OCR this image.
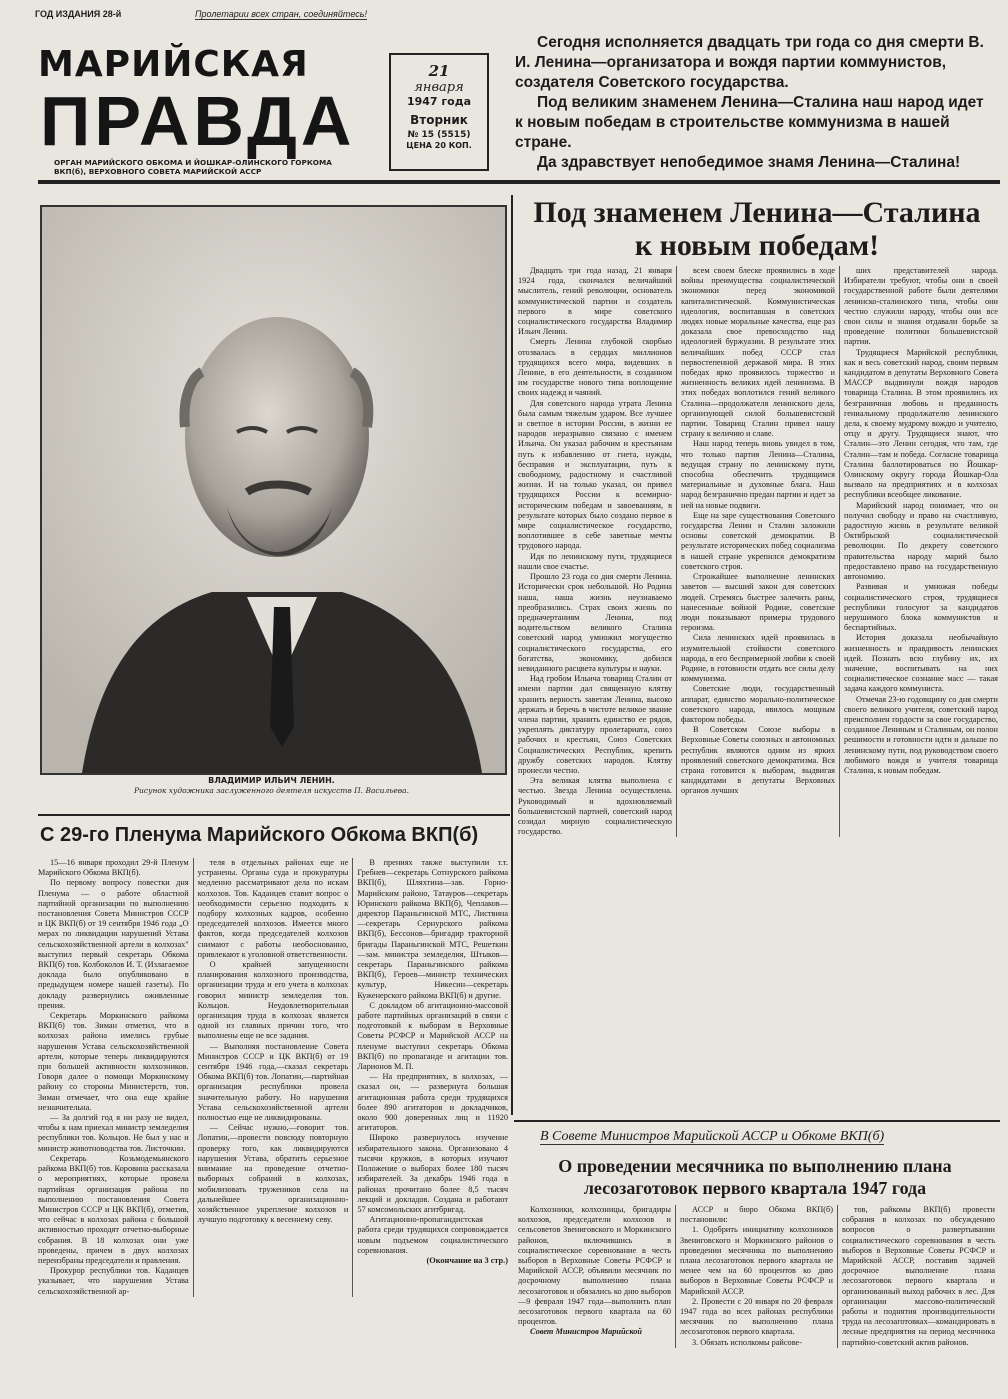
ГОД ИЗДАНИЯ 28-й	Пролетарии всех стран, соединяйтесь!
МАРИЙСКАЯ
ПРАВДА
ОРГАН МАРИЙСКОГО ОБКОМА И ЙОШКАР-ОЛИНСКОГО ГОРКОМА ВКП(б), ВЕРХОВНОГО СОВЕТА МАРИЙСКОЙ АССР
21
января
1947 года
Вторник
№ 15 (5515)
ЦЕНА 20 КОП.

Сегодня исполняется двадцать три года со дня смерти В. И. Ленина—организатора и вождя партии коммунистов, создателя Советского государства.

Под великим знаменем Ленина—Сталина наш народ идет к новым победам в строительстве коммунизма в нашей стране.

Да здравствует непобедимое знамя Ленина—Сталина!

ВЛАДИМИР ИЛЬИЧ ЛЕНИН.
Рисунок художника заслуженного деятеля искусств П. Васильева.
Под знаменем Ленина—Сталина
к новым победам!

Двадцать три года назад, 21 января 1924 года, скончался величайший мыслитель, гений революции, основатель коммунистической партии и создатель первого в мире советского социалистического государства Владимир Ильич Ленин.

Смерть Ленина глубокой скорбью отозвалась в сердцах миллионов трудящихся всего мира, видевших в Ленине, в его деятельности, в созданном им государстве нового типа воплощение своих надежд и чаяний.

Для советского народа утрата Ленина была самым тяжелым ударом. Все лучшее и светлое в истории России, в жизни ее народов неразрывно связано с именем Ильича. Он указал рабочим и крестьянам путь к избавлению от гнета, нужды, бесправия и эксплуатации, путь к свободному, радостному и счастливой жизни. И на только указал, он привел трудящихся России к всемирно-историческим победам и завоеваниям, в результате которых было создано первое в мире социалистическое государство, воплотившее в себе заветные мечты трудового народа.

Идя по ленинскому пути, трудящиеся нашли свое счастье.

Прошло 23 года со дня смерти Ленина. Исторически срок небольшой. Но Родина наша, наша жизнь неузнаваемо преобразились. Страх своих жизнь по предначертаниям Ленина, под водительством великого Сталина советский народ умножил могущество социалистического государства, его богатства, экономику, добился невиданного расцвета культуры и науки.

Над гробом Ильича товарищ Сталин от имени партии дал священную клятву хранить верность заветам Ленина, высоко держать и беречь в чистоте великое звание члена партии, хранить единство ее рядов, укреплять диктатуру пролетариата, союз рабочих и крестьян, Союз Советских Социалистических Республик, крепить дружбу советских народов. Клятву пронесли честно.

Эта великая клятва выполнена с честью. Звезда Ленина осуществлена. Руководимый и вдохновляемый большевистской партией, советский народ созидал мирную социалистическую государство.

всем своем блеске проявились в ходе войны преимущества социалистической экономики перед экономикой капиталистической. Коммунистическая идеология, воспитавшая в советских людях новые моральные качества, еще раз доказала свое превосходство над идеологией буржуазии. В результате этих величайших побед СССР стал первостепенной державой мира. В этих победах ярко проявилось торжество и жизненность великих идей ленинизма. В этих победах воплотился гений великого Сталина—продолжателя ленинского дела, организующей силой большевистской партии. Товарищ Сталин привел нашу страну к величию и славе.

Наш народ теперь вновь увидел в том, что только партия Ленина—Сталина, ведущая страну по ленинскому пути, способна обеспечить трудящимся материальные и духовные блага. Наш народ безгранично предан партии и идет за ней на новые подвиги.

Еще на заре существования Советского государства Ленин и Сталин заложили основы советской демократии. В результате исторических побед социализма в нашей стране укрепился демократизм советского строя.

Строжайшее выполнение ленинских заветов — высший закон для советских людей. Стремясь быстрее залечить раны, нанесенные войной Родине, советские люди показывают примеры трудового героизма.

Сила ленинских идей проявилась в изумительной стойкости советского народа, в его беспримерной любви к своей Родине, в готовности отдать все силы делу коммунизма.

Советские люди, государственный аппарат, единство морально-политическое советского народа, явилось мощным фактором победы.

В Советском Союзе выборы в Верховные Советы союзных и автономных республик являются одним из ярких проявлений советского демократизма. Вся страна готовится к выборам, выдвигая кандидатами в депутаты Верховных органов лучших

ших представителей народа. Избиратели требуют, чтобы они в своей государственной работе были деятелями ленинско-сталинского типа, чтобы они честно служили народу, чтобы они все свои силы и знания отдавали борьбе за проведение политики большевистской партии.

Трудящиеся Марийской республики, как и весь советский народ, своим первым кандидатом в депутаты Верховного Совета МАССР выдвинули вождя народов товарища Сталина. В этом проявились их безграничная любовь и преданность гениальному продолжателю ленинского дела, к своему мудрому вождю и учителю, отцу и другу. Трудящиеся знают, что Сталин—это Ленин сегодня, что там, где Сталин—там и победа. Согласие товарища Сталина баллотироваться по Йошкар-Олинскому округу города Йошкар-Ола вызвало на предприятиях и в колхозах республики всеобщее ликование.

Марийский народ понимает, что он получил свободу и право на счастливую, радостную жизнь в результате великой Октябрьской социалистической революции. По декрету советского правительства народу марий было предоставлено право на государственную автономию.

Развивая и умножая победы социалистического строя, трудящиеся республики голосуют за кандидатов нерушимого блока коммунистов и беспартийных.

История доказала необычайную жизненность и правдивость ленинских идей. Познать всю глубину их, их значение, воспитывать на них социалистическое сознание масс — такая задача каждого коммуниста.

Отмечая 23-ю годовщину со дня смерти своего великого учителя, советский народ преисполнен гордости за свое государство, созданное Лениным и Сталиным, он полон решимости и готовности идти и дальше по ленинскому пути, под руководством своего любимого вождя и учителя товарища Сталина, к новым победам.

С 29-го Пленума Марийского Обкома ВКП(б)

15—16 января проходил 29-й Пленум Марийского Обкома ВКП(б).

По первому вопросу повестки дня Пленума — о работе областной партийной организации по выполнению постановления Совета Министров СССР и ЦК ВКП(б) от 19 сентября 1946 года „О мерах по ликвидации нарушений Устава сельскохозяйственной артели в колхозах" выступил первый секретарь Обкома ВКП(б) тов. Колбоколов И. Т. (Излагаемое доклада было опубликовано в предыдущем номере нашей газеты). По докладу развернулись оживленные прения.

Секретарь Моркинского райкома ВКП(б) тов. Зиман отметил, что в колхозах района имелись грубые нарушения Устава сельскохозяйственной артели, которые теперь ликвидируются при большей активности колхозников. Говоря далее о помощи Моркинскому району со стороны Министерств, тов. Зиман отмечает, что она еще крайне незначительна.

— За долгий год я ни разу не видел, чтобы к нам приехал министр земледелия республики тов. Кольцов. Не был у нас и министр животноводства тов. Листочкин.

Секретарь Козьмодемьянского райкома ВКП(б) тов. Коровина рассказала о мероприятиях, которые провела партийная организация района по выполнению постановления Совета Министров СССР и ЦК ВКП(б), отметив, что сейчас в колхозах района с большой активностью проходят отчетно-выборные собрания. В 18 колхозах они уже проведены, причем в двух колхозах переизбраны председатели и правления.

Прокурор республики тов. Каданцев указывает, что нарушения Устава сельскохозяйственной ар-

теля в отдельных районах еще не устранены. Органы суда и прокуратуры медленно рассматривают дела по искам колхозов. Тов. Каданцев ставит вопрос о необходимости серьезно подходить к подбору колхозных кадров, особенно председателей колхозов. Имеется много фактов, когда председателей колхозов снимают с работы необоснованно, привлекают к уголовной ответственности.

О крайней запущенности планирования колхозного производства, организации труда и его учета в колхозах говорил министр земледелия тов. Кольцов. Неудовлетворительная организация труда в колхозах является одной из главных причин того, что выполнены еще не все задания.

— Выполняя постановление Совета Министров СССР и ЦК ВКП(б) от 19 сентября 1946 года,—сказал секретарь Обкома ВКП(б) тов. Лопатин,—партийная организация республики провела значительную работу. Но нарушения Устава сельскохозяйственной артели полностью еще не ликвидированы.

— Сейчас нужно,—говорит тов. Лопатин,—провести повсюду повторную проверку того, как ликвидируются нарушения Устава, обратить серьезное внимание на проведение отчетно-выборных собраний в колхозах, мобилизовать тружеников села на дальнейшее организационно-хозяйственное укрепление колхозов и лучшую подготовку к весеннему севу.

В прениях также выступили т.т. Гребнев—секретарь Сотнурского райкома ВКП(б), Шляхтина—зав. Горно-Марийским районо, Татауров—секретарь Юринского райкома ВКП(б), Чеплаков—директор Параньгинской МТС, Листвина—секретарь Сернурского райкома ВКП(б), Бессонов—бригадир тракторной бригады Параньгинской МТС, Решеткин—зам. министра земледелия, Штыков—секретарь Параньгинского райкома ВКП(б), Героев—министр технических культур, Никесин—секретарь Куженерского райкома ВКП(б) и другие.

С докладом об агитационно-массовой работе партийных организаций в связи с подготовкой к выборам в Верховные Советы РСФСР и Марийской АССР на пленуме выступил секретарь Обкома ВКП(б) по пропаганде и агитации тов. Ларионов М. П.

— На предприятиях, в колхозах, — сказал он, — развернута большая агитационная работа среди трудящихся более 890 агитаторов и докладчиков, около 900 доверенных лиц и 11920 агитаторов.

Широко развернулось изучение избирательного закона. Организовано 4 тысячи кружков, в которых изучают Положение о выборах более 180 тысяч избирателей. За декабрь 1946 года в районах прочитано более 8,5 тысяч лекций и докладов. Создана и работают 57 комсомольских агитбригад.

Агитационно-пропагандистская работа среди трудящихся сопровождается новым подъемом социалистического соревнования.

(Окончание на 3 стр.)
В Совете Министров Марийской АССР и Обкоме ВКП(б)
О проведении месячника по выполнению плана
лесозаготовок первого квартала 1947 года

Колхозники, колхозницы, бригадиры колхозов, председатели колхозов и сельсоветов Звениговского и Моркинского районов, включившись в социалистическое соревнование в честь выборов в Верховные Советы РСФСР и Марийской АССР, объявили месячник по досрочному выполнению плана лесозаготовок и обязались ко дню выборов—9 февраля 1947 года—выполнить план лесозаготовок первого квартала на 60 процентов.

Совет Министров Марийской

АССР и бюро Обкома ВКП(б) постановили:

1. Одобрить инициативу колхозников Звениговского и Моркинского районов о проведении месячника по выполнению плана лесозаготовок первого квартала не менее чем на 60 процентов ко дню выборов в Верховные Советы РСФСР и Марийской АССР.

2. Провести с 20 января по 20 февраля 1947 года во всех районах республики месячник по выполнению плана лесозаготовок первого квартала.

3. Обязать исполкомы райсове-

тов, райкомы ВКП(б) провести собрания в колхозах по обсуждению вопросов о развертывании социалистического соревнования в честь выборов в Верховные Советы РСФСР и Марийской АССР, поставив задачей досрочное выполнение плана лесозаготовок первого квартала и организованный выход рабочих в лес. Для организации массово-политической работы и поднятия производительности труда на лесозаготовках—командировать в лесные предприятия на период месячника партийно-советский актив районов.
